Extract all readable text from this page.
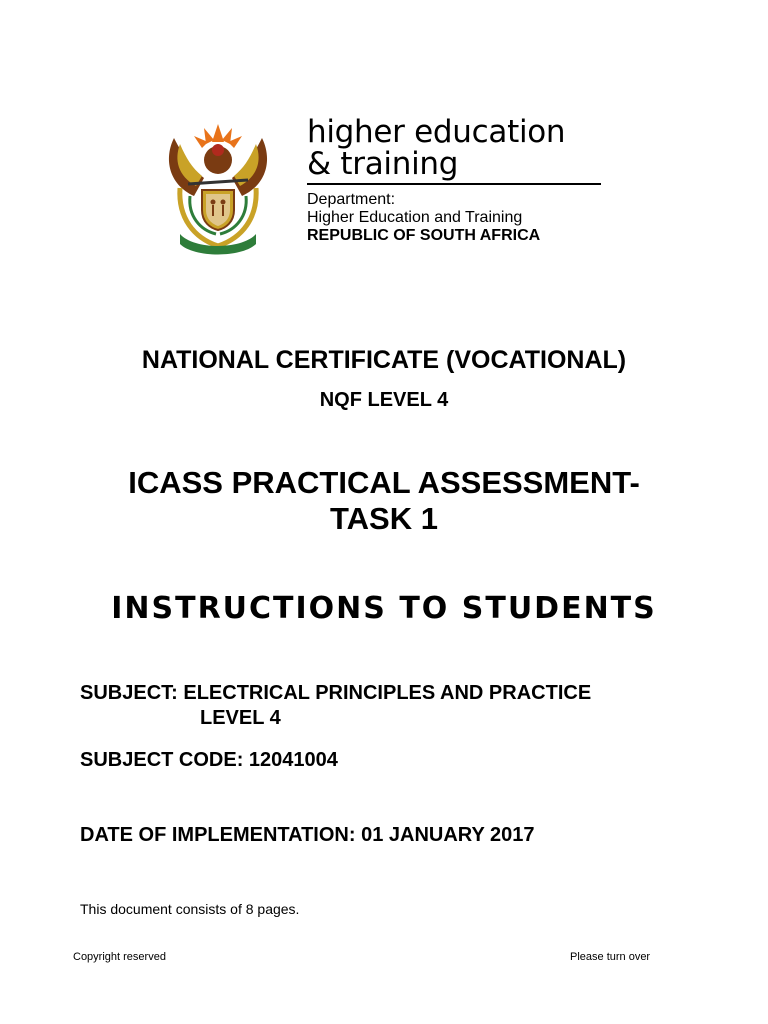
higher education
& training
Department:
Higher Education and Training
REPUBLIC OF SOUTH AFRICA
NATIONAL CERTIFICATE (VOCATIONAL)
NQF LEVEL 4
ICASS PRACTICAL ASSESSMENT-
TASK 1
INSTRUCTIONS TO STUDENTS
SUBJECT: ELECTRICAL PRINCIPLES AND PRACTICE
LEVEL 4
SUBJECT CODE: 12041004
DATE OF IMPLEMENTATION: 01 JANUARY 2017
This document consists of 8 pages.
Copyright reserved	Please turn over
